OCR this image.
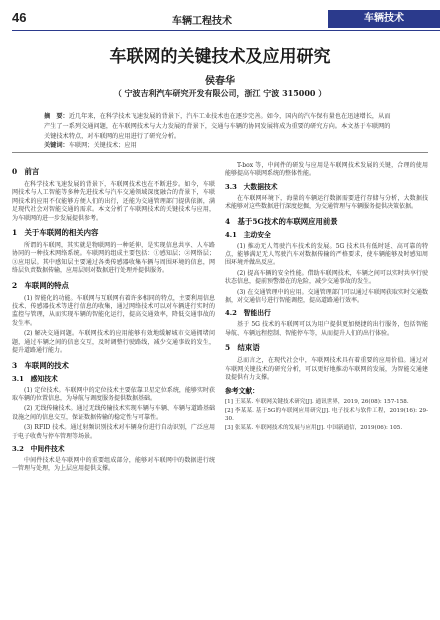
46	车辆工程技术	车辆技术
车联网的关键技术及应用研究
侯春华
（ 宁波吉利汽车研究开发有限公司，浙江 宁波 315000 ）
摘　要：近几年来，在科学技术飞速发展的背景下，汽车工业技术也在逐步完善。如今，国内的汽车保有量也在迅速增长，从而产生了一系列交通问题，在车联网技术与大力发展的背景下，交通与车辆的协同发展将成为重要的研究方向。本文基于车联网的关键技术特点，对车联网的应用进行了研究分析。
关键词：车联网；关键技术；应用
0　前言

在科学技术飞速发展的背景下，车联网技术也在不断进步。如今，车联网技术与人工智能等多种先进技术与汽车交通领域深度融合的背景下，车联网技术的应用不仅能够方便人们的出行，还能为交通管理部门提供依据，满足现代社会对智能交通的需求。本文分析了车联网技术的关键技术与应用，为车联网的进一步发展提供参考。

1　关于车联网的相关内容

所谓的车联网，其实就是物联网的一种延伸，是实现信息共享、人车路协同的一种技术网络系统。车联网的组成主要包括：①感知层；②网络层；③应用层。其中感知层主要通过各类传感器收集车辆与周围环境的信息，网络层负责数据传输，应用层则对数据进行处理并提供服务。

2　车联网的特点

(1) 智能化的功能。车联网与互联网有着许多相同的特点，主要利用信息技术、传感器技术等进行信息的收集，通过网络技术可以对车辆进行实时的监控与管理，从而实现车辆的智能化运行，提高交通效率，降低交通事故的发生率。

(2) 解决交通问题。车联网技术的应用能够有效地缓解城市交通拥堵问题，通过车辆之间的信息交互，及时调整行驶路线，减少交通事故的发生，提升道路通行能力。

3　车联网的技术
3.1　感知技术

(1) 定位技术。车联网中的定位技术主要依靠卫星定位系统，能够实时获取车辆的位置信息，为导航与调度服务提供数据基础。

(2) 无线传输技术。通过无线传输技术实现车辆与车辆、车辆与道路基础设施之间的信息交互，保证数据传输的稳定性与可靠性。

(3) RFID 技术。通过射频识别技术对车辆身份进行自动识别，广泛应用于电子收费与停车管理等场景。

3.2　中间件技术

中间件技术是车联网中的重要组成部分，能够对车联网中的数据进行统一管理与处理，为上层应用提供支撑。

T-box 等，中间件的研发与应用是车联网技术发展的关键，合理的使用能够提高车联网系统的整体性能。

3.3　大数据技术

在车联网环境下，海量的车辆运行数据需要进行存储与分析，大数据技术能够对这些数据进行深度挖掘，为交通管理与车辆服务提供决策依据。

4　基于5G技术的车联网应用前景
4.1　主动安全

(1) 推动无人驾驶汽车技术的发展。5G 技术具有低时延、高可靠的特点，能够满足无人驾驶汽车对数据传输的严格要求，使车辆能够及时感知周围环境并做出反应。

(2) 提高车辆的安全性能。借助车联网技术，车辆之间可以实时共享行驶状态信息，提前预警潜在的危险，减少交通事故的发生。

(3) 在交通管理中的应用。交通管理部门可以通过车联网获取实时交通数据，对交通信号进行智能调控，提高道路通行效率。

4.2　智能出行

基于 5G 技术的车联网可以为用户提供更加便捷的出行服务，包括智能导航、车辆远程控制、智能停车等，从而提升人们的出行体验。

5　结束语

总而言之，在现代社会中，车联网技术具有着重要的应用价值。通过对车联网关键技术的研究分析，可以更好地推动车联网的发展，为智能交通建设提供有力支撑。

参考文献：

[1] 王某某. 车联网关键技术研究[J]. 通讯世界，2019, 26(08): 157-158.

[2] 李某某. 基于5G的车联网应用研究[J]. 电子技术与软件工程，2019(16): 29-30.

[3] 张某某. 车联网技术的发展与应用[J]. 中国新通信，2019(06): 105.
